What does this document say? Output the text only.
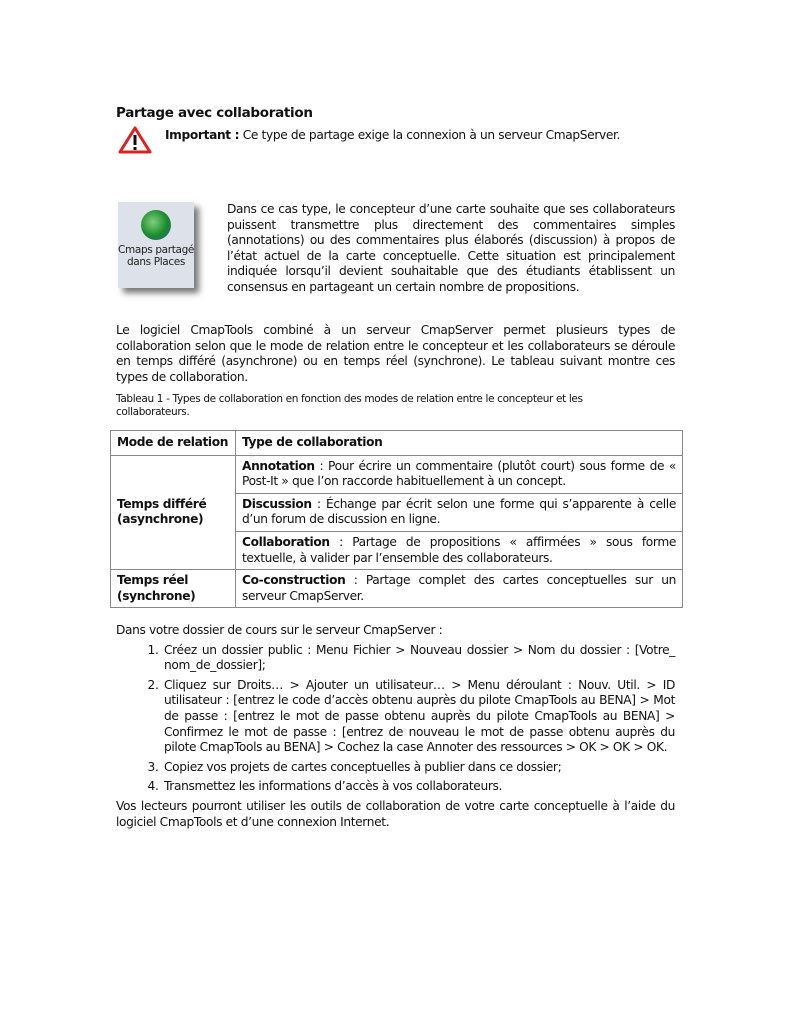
Partage avec collaboration
Important : Ce type de partage exige la connexion à un serveur CmapServer.
Cmaps partagé
dans Places
Dans ce cas type, le concepteur d’une carte souhaite que ses collaborateurs puissent transmettre plus directement des commentaires simples (annotations) ou des commentaires plus élaborés (discussion) à propos de l’état actuel de la carte conceptuelle. Cette situation est principalement indiquée lorsqu’il devient souhaitable que des étudiants établissent un consensus en partageant un certain nombre de propositions.
Le logiciel CmapTools combiné à un serveur CmapServer permet plusieurs types de collaboration selon que le mode de relation entre le concepteur et les collaborateurs se déroule en temps différé (asynchrone) ou en temps réel (synchrone). Le tableau suivant montre ces types de collaboration.
Tableau 1 - Types de collaboration en fonction des modes de relation entre le concepteur et les collaborateurs.
Mode de relation	Type de collaboration
Temps différé (asynchrone)	Annotation : Pour écrire un commentaire (plutôt court) sous forme de « Post-It » que l’on raccorde habituellement à un concept.
	Discussion : Échange par écrit selon une forme qui s’apparente à celle d’un forum de discussion en ligne.
	Collaboration : Partage de propositions « affirmées » sous forme textuelle, à valider par l’ensemble des collaborateurs.
Temps réel (synchrone)	Co-construction : Partage complet des cartes conceptuelles sur un serveur CmapServer.
Dans votre dossier de cours sur le serveur CmapServer :
1. Créez un dossier public : Menu Fichier > Nouveau dossier > Nom du dossier : [Votre_ nom_de_dossier];
2. Cliquez sur Droits… > Ajouter un utilisateur… > Menu déroulant : Nouv. Util. > ID utilisateur : [entrez le code d’accès obtenu auprès du pilote CmapTools au BENA] > Mot de passe : [entrez le mot de passe obtenu auprès du pilote CmapTools au BENA] > Confirmez le mot de passe : [entrez de nouveau le mot de passe obtenu auprès du pilote CmapTools au BENA] > Cochez la case Annoter des ressources > OK > OK > OK.
3. Copiez vos projets de cartes conceptuelles à publier dans ce dossier;
4. Transmettez les informations d’accès à vos collaborateurs.
Vos lecteurs pourront utiliser les outils de collaboration de votre carte conceptuelle à l’aide du logiciel CmapTools et d’une connexion Internet.
